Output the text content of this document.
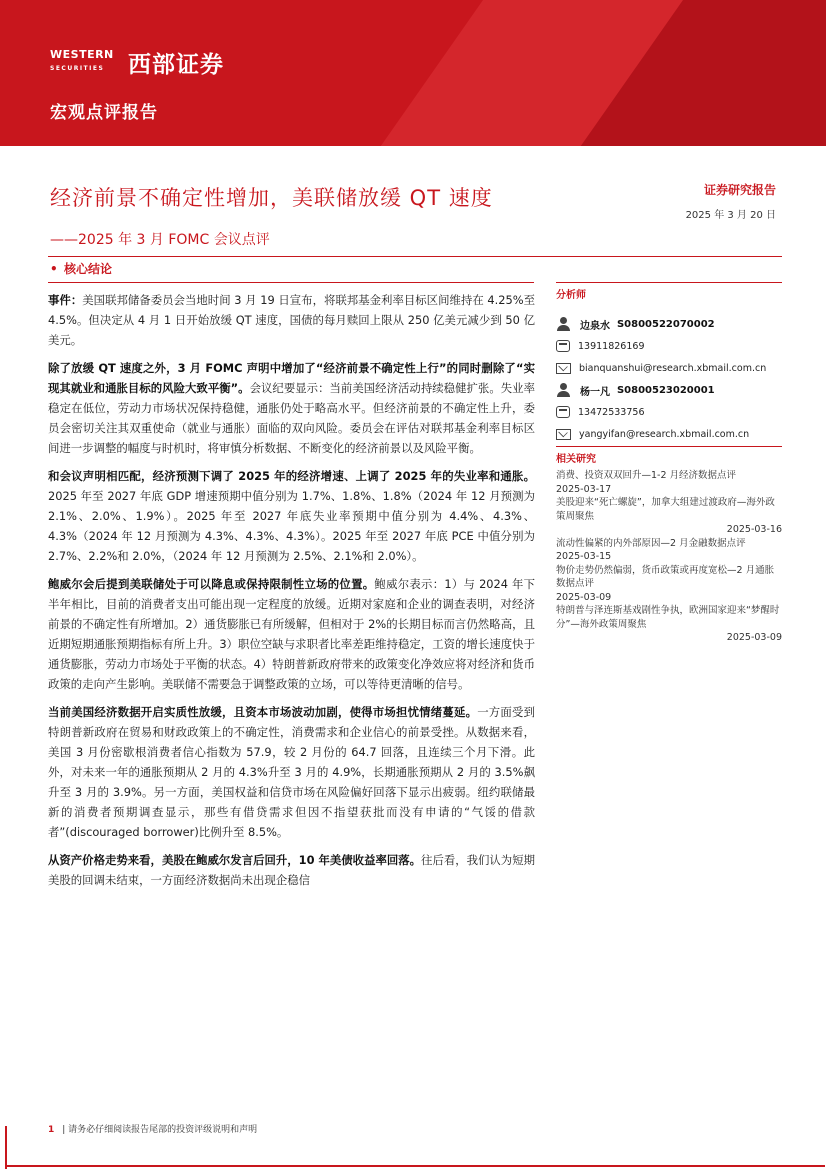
WESTERN
SECURITIES	西部证券
宏观点评报告
经济前景不确定性增加，美联储放缓 QT 速度
——2025 年 3 月 FOMC 会议点评
证券研究报告
2025 年 3 月 20 日
• 核心结论

事件：美国联邦储备委员会当地时间 3 月 19 日宣布，将联邦基金利率目标区间维持在 4.25%至 4.5%。但决定从 4 月 1 日开始放缓 QT 速度，国债的每月赎回上限从 250 亿美元减少到 50 亿美元。

除了放缓 QT 速度之外，3 月 FOMC 声明中增加了“经济前景不确定性上行”的同时删除了“实现其就业和通胀目标的风险大致平衡”。会议纪要显示：当前美国经济活动持续稳健扩张。失业率稳定在低位，劳动力市场状况保持稳健，通胀仍处于略高水平。但经济前景的不确定性上升，委员会密切关注其双重使命（就业与通胀）面临的双向风险。委员会在评估对联邦基金利率目标区间进一步调整的幅度与时机时，将审慎分析数据、不断变化的经济前景以及风险平衡。

和会议声明相匹配，经济预测下调了 2025 年的经济增速、上调了 2025 年的失业率和通胀。2025 年至 2027 年底 GDP 增速预期中值分别为 1.7%、1.8%、1.8%（2024 年 12 月预测为 2.1%、2.0%、1.9%）。2025 年至 2027 年底失业率预期中值分别为 4.4%、4.3%、4.3%（2024 年 12 月预测为 4.3%、4.3%、4.3%）。2025 年至 2027 年底 PCE 中值分别为 2.7%、2.2%和 2.0%，（2024 年 12 月预测为 2.5%、2.1%和 2.0%）。

鲍威尔会后提到美联储处于可以降息或保持限制性立场的位置。鲍威尔表示：1）与 2024 年下半年相比，目前的消费者支出可能出现一定程度的放缓。近期对家庭和企业的调查表明，对经济前景的不确定性有所增加。2）通货膨胀已有所缓解，但相对于 2%的长期目标而言仍然略高，且近期短期通胀预期指标有所上升。3）职位空缺与求职者比率差距维持稳定，工资的增长速度快于通货膨胀，劳动力市场处于平衡的状态。4）特朗普新政府带来的政策变化净效应将对经济和货币政策的走向产生影响。美联储不需要急于调整政策的立场，可以等待更清晰的信号。

当前美国经济数据开启实质性放缓，且资本市场波动加剧，使得市场担忧情绪蔓延。一方面受到特朗普新政府在贸易和财政政策上的不确定性，消费需求和企业信心的前景受挫。从数据来看，美国 3 月份密歇根消费者信心指数为 57.9，较 2 月份的 64.7 回落，且连续三个月下滑。此外，对未来一年的通胀预期从 2 月的 4.3%升至 3 月的 4.9%，长期通胀预期从 2 月的 3.5%飙升至 3 月的 3.9%。另一方面，美国权益和信贷市场在风险偏好回落下显示出疲弱。纽约联储最新的消费者预期调查显示，那些有借贷需求但因不指望获批而没有申请的“气馁的借款者”(discouraged borrower)比例升至 8.5%。

从资产价格走势来看，美股在鲍威尔发言后回升，10 年美债收益率回落。往后看，我们认为短期美股的回调未结束，一方面经济数据尚未出现企稳信

分析师
边泉水
S0800522070002
13911826169
bianquanshui@research.xbmail.com.cn
杨一凡
S0800523020001
13472533756
yangyifan@research.xbmail.com.cn
相关研究
消费、投资双双回升—1-2 月经济数据点评
2025-03-17
美股迎来“死亡螺旋”，加拿大组建过渡政府—海外政策周聚焦
2025-03-16
流动性偏紧的内外部原因—2 月金融数据点评
2025-03-15
物价走势仍然偏弱，货币政策或再度宽松—2 月通胀数据点评
2025-03-09
特朗普与泽连斯基戏剧性争执，欧洲国家迎来“梦醒时分”—海外政策周聚焦
2025-03-09
1 | 请务必仔细阅读报告尾部的投资评级说明和声明
